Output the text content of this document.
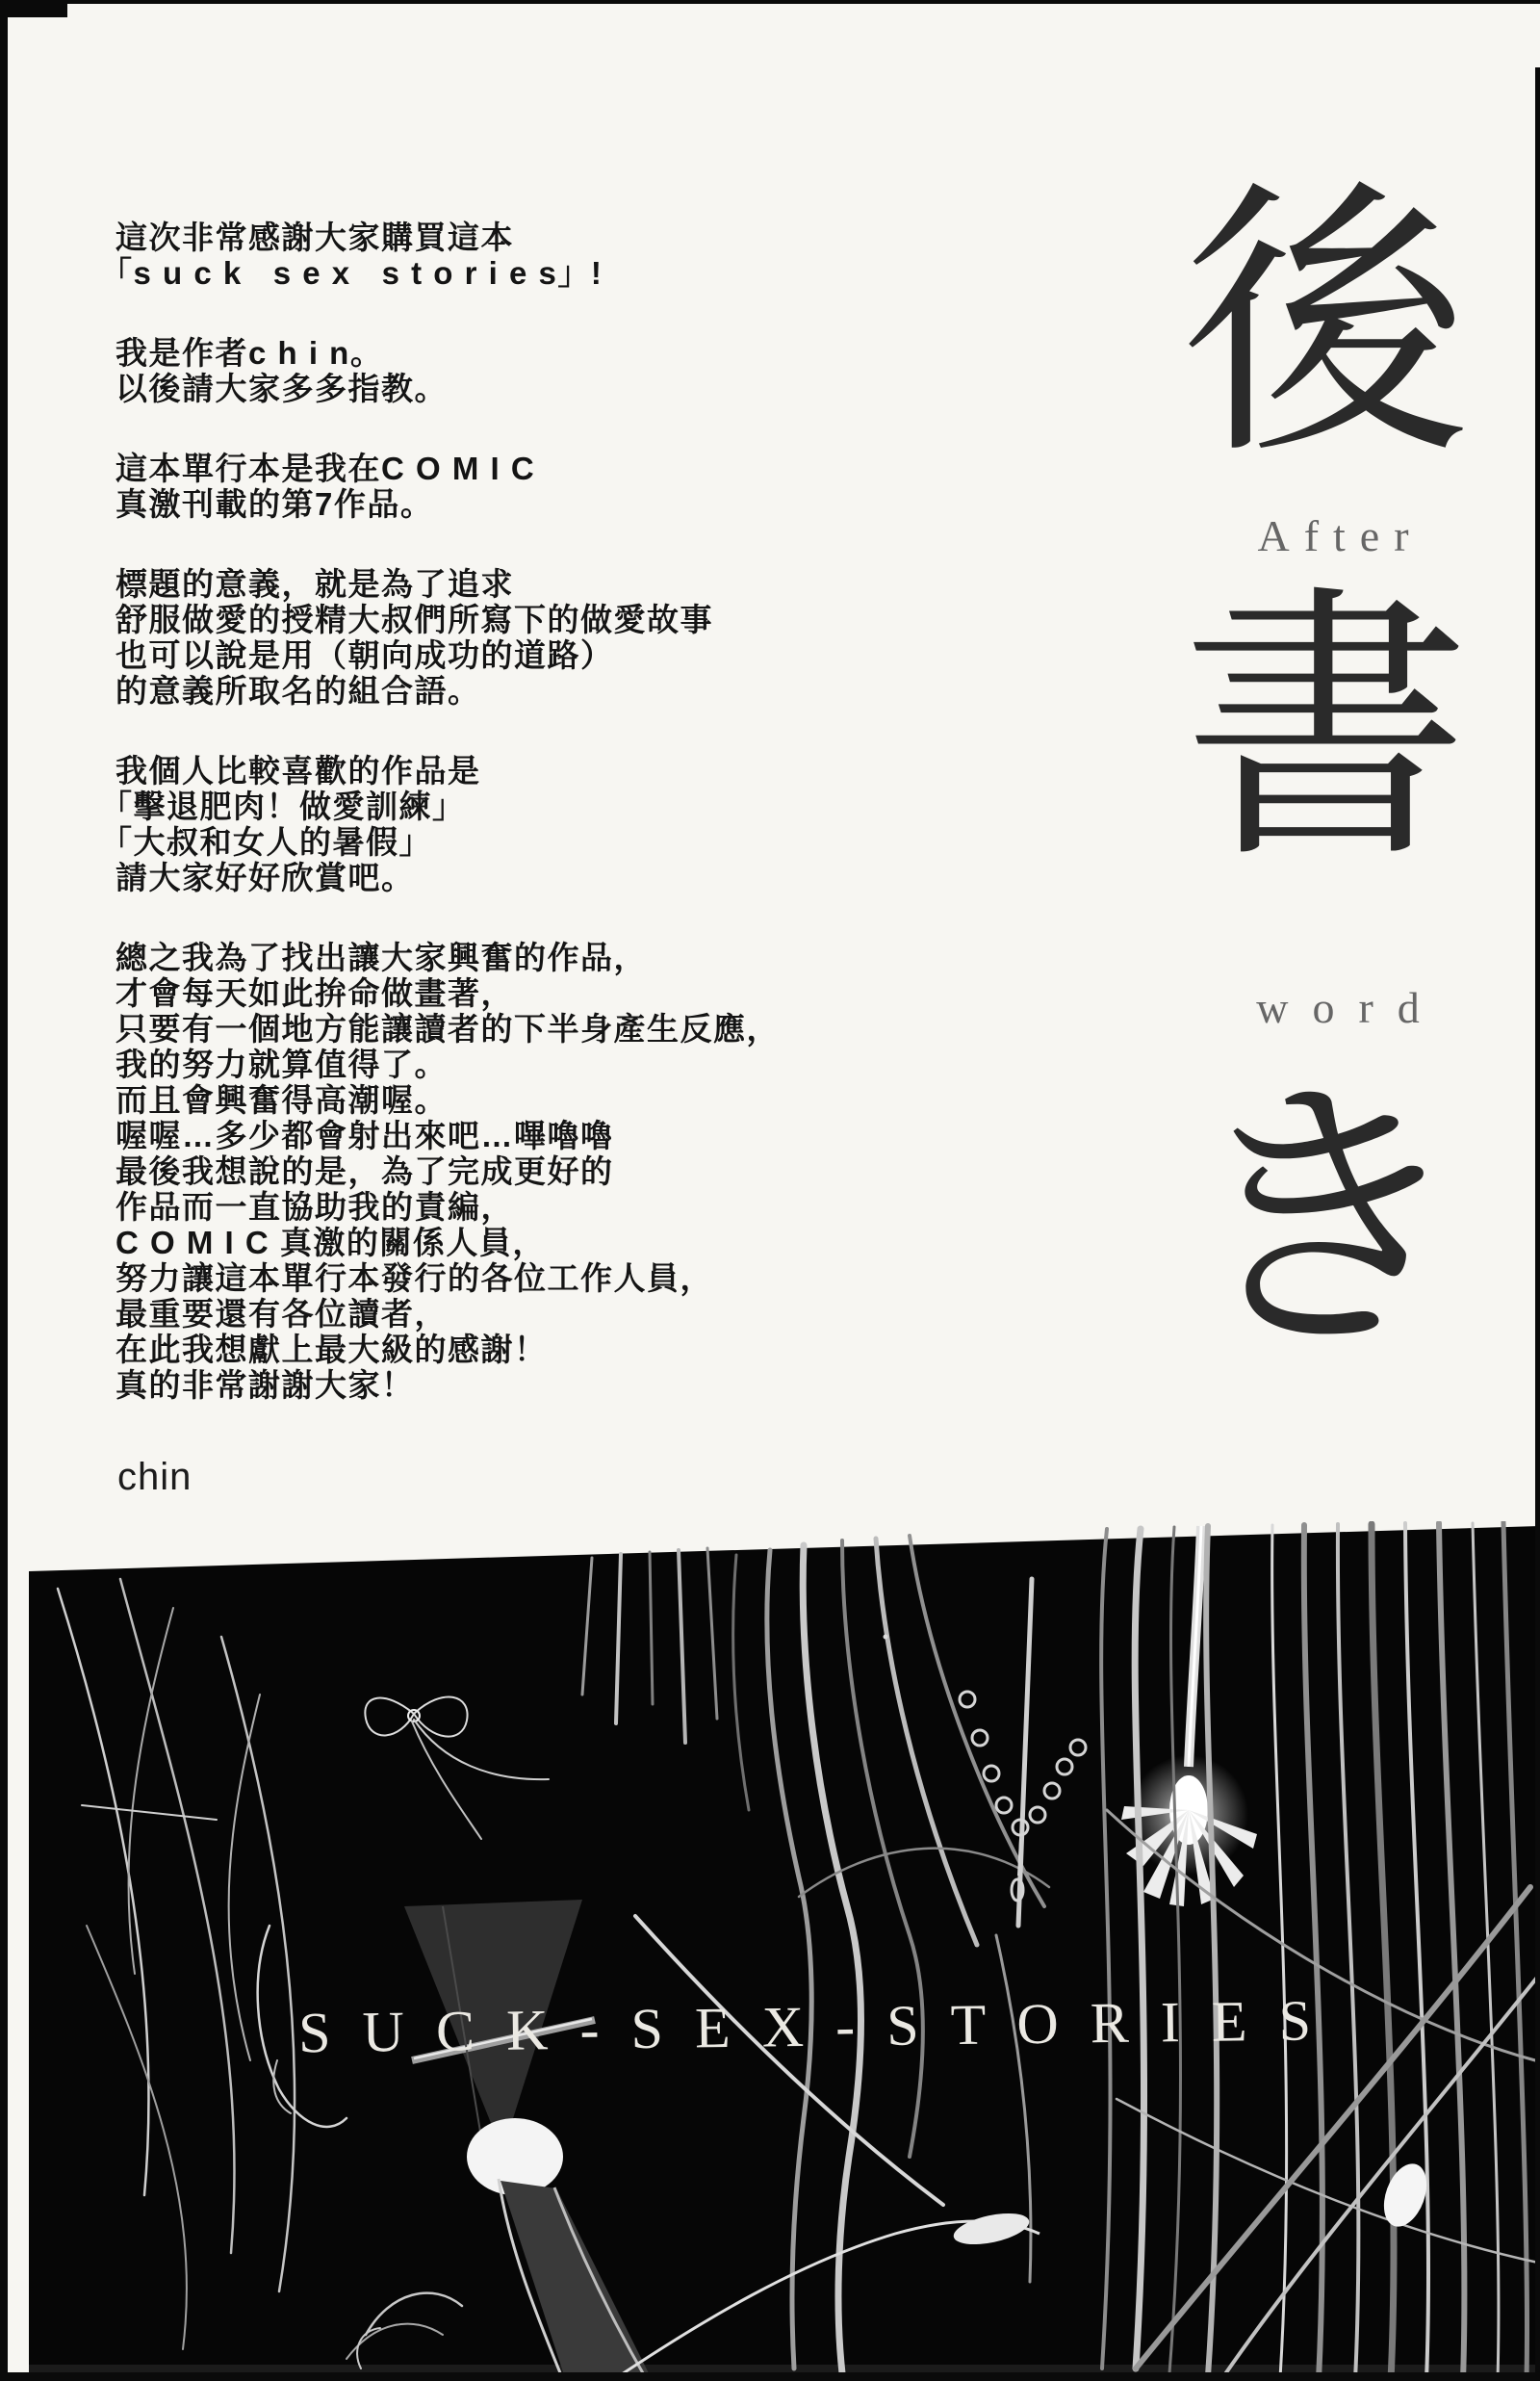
這次非常感謝大家購買這本
「s u c k   s e x   s t o r i e s」!
我是作者c h i n。
以後請大家多多指教。
這本單行本是我在C O M I C
真激刊載的第7作品。
標題的意義，就是為了追求
舒服做愛的授精大叔們所寫下的做愛故事
也可以說是用（朝向成功的道路）
的意義所取名的組合語。
我個人比較喜歡的作品是
「擊退肥肉！做愛訓練」
「大叔和女人的暑假」
請大家好好欣賞吧。
總之我為了找出讓大家興奮的作品，
才會每天如此拚命做畫著，
只要有一個地方能讓讀者的下半身產生反應，
我的努力就算值得了。
而且會興奮得高潮喔。
喔喔…多少都會射出來吧…嗶嚕嚕
最後我想說的是，為了完成更好的
作品而一直協助我的責編，
C O M I C 真激的關係人員，
努力讓這本單行本發行的各位工作人員，
最重要還有各位讀者，
在此我想獻上最大級的感謝！
真的非常謝謝大家！
chin
後
After
書
word
き
SUCK-SEX-STORIES
